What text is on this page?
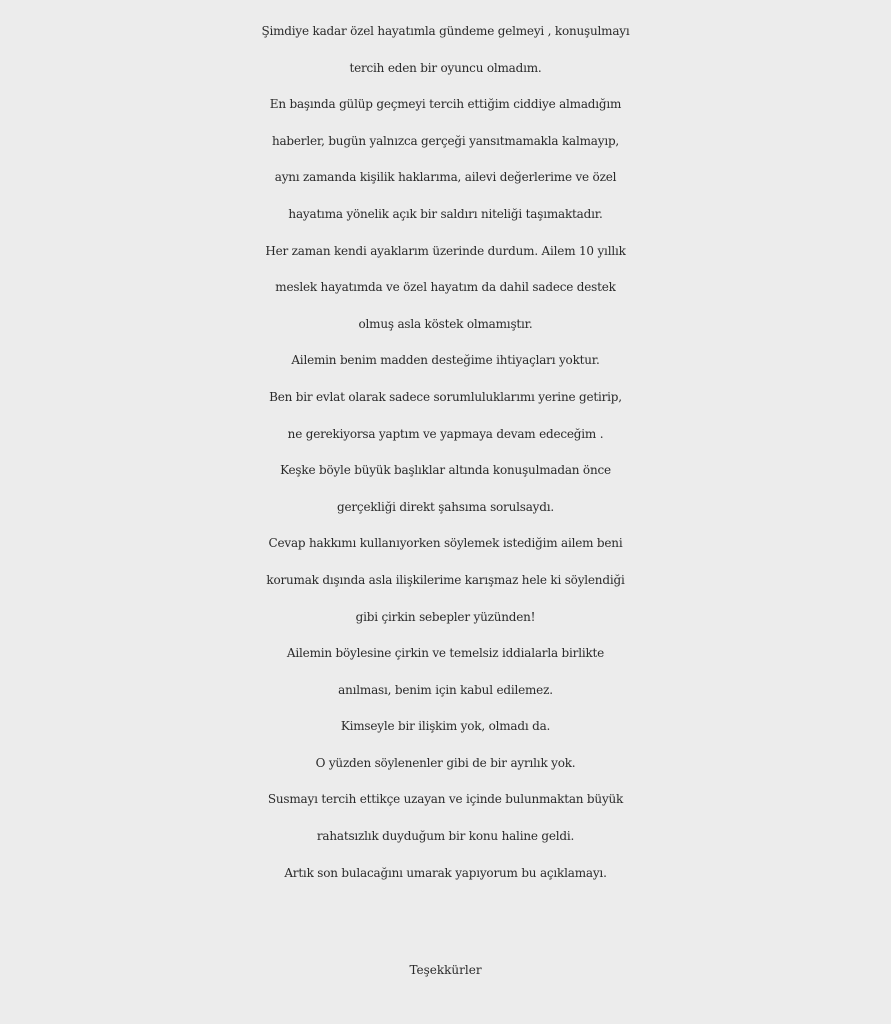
Şimdiye kadar özel hayatımla gündeme gelmeyi , konuşulmayı
tercih eden bir oyuncu olmadım.
En başında gülüp geçmeyi tercih ettiğim ciddiye almadığım
haberler, bugün yalnızca gerçeği yansıtmamakla kalmayıp,
aynı zamanda kişilik haklarıma, ailevi değerlerime ve özel
hayatıma yönelik açık bir saldırı niteliği taşımaktadır.
Her zaman kendi ayaklarım üzerinde durdum. Ailem 10 yıllık
meslek hayatımda ve özel hayatım da dahil sadece destek
olmuş asla köstek olmamıştır.
Ailemin benim madden desteğime ihtiyaçları yoktur.
Ben bir evlat olarak sadece sorumluluklarımı yerine getirip,
ne gerekiyorsa yaptım ve yapmaya devam edeceğim .
Keşke böyle büyük başlıklar altında konuşulmadan önce
gerçekliği direkt şahsıma sorulsaydı.
Cevap hakkımı kullanıyorken söylemek istediğim ailem beni
korumak dışında asla ilişkilerime karışmaz hele ki söylendiği
gibi çirkin sebepler yüzünden!
Ailemin böylesine çirkin ve temelsiz iddialarla birlikte
anılması, benim için kabul edilemez.
Kimseyle bir ilişkim yok, olmadı da.
O yüzden söylenenler gibi de bir ayrılık yok.
Susmayı tercih ettikçe uzayan ve içinde bulunmaktan büyük
rahatsızlık duyduğum bir konu haline geldi.
Artık son bulacağını umarak yapıyorum bu açıklamayı.
Teşekkürler
